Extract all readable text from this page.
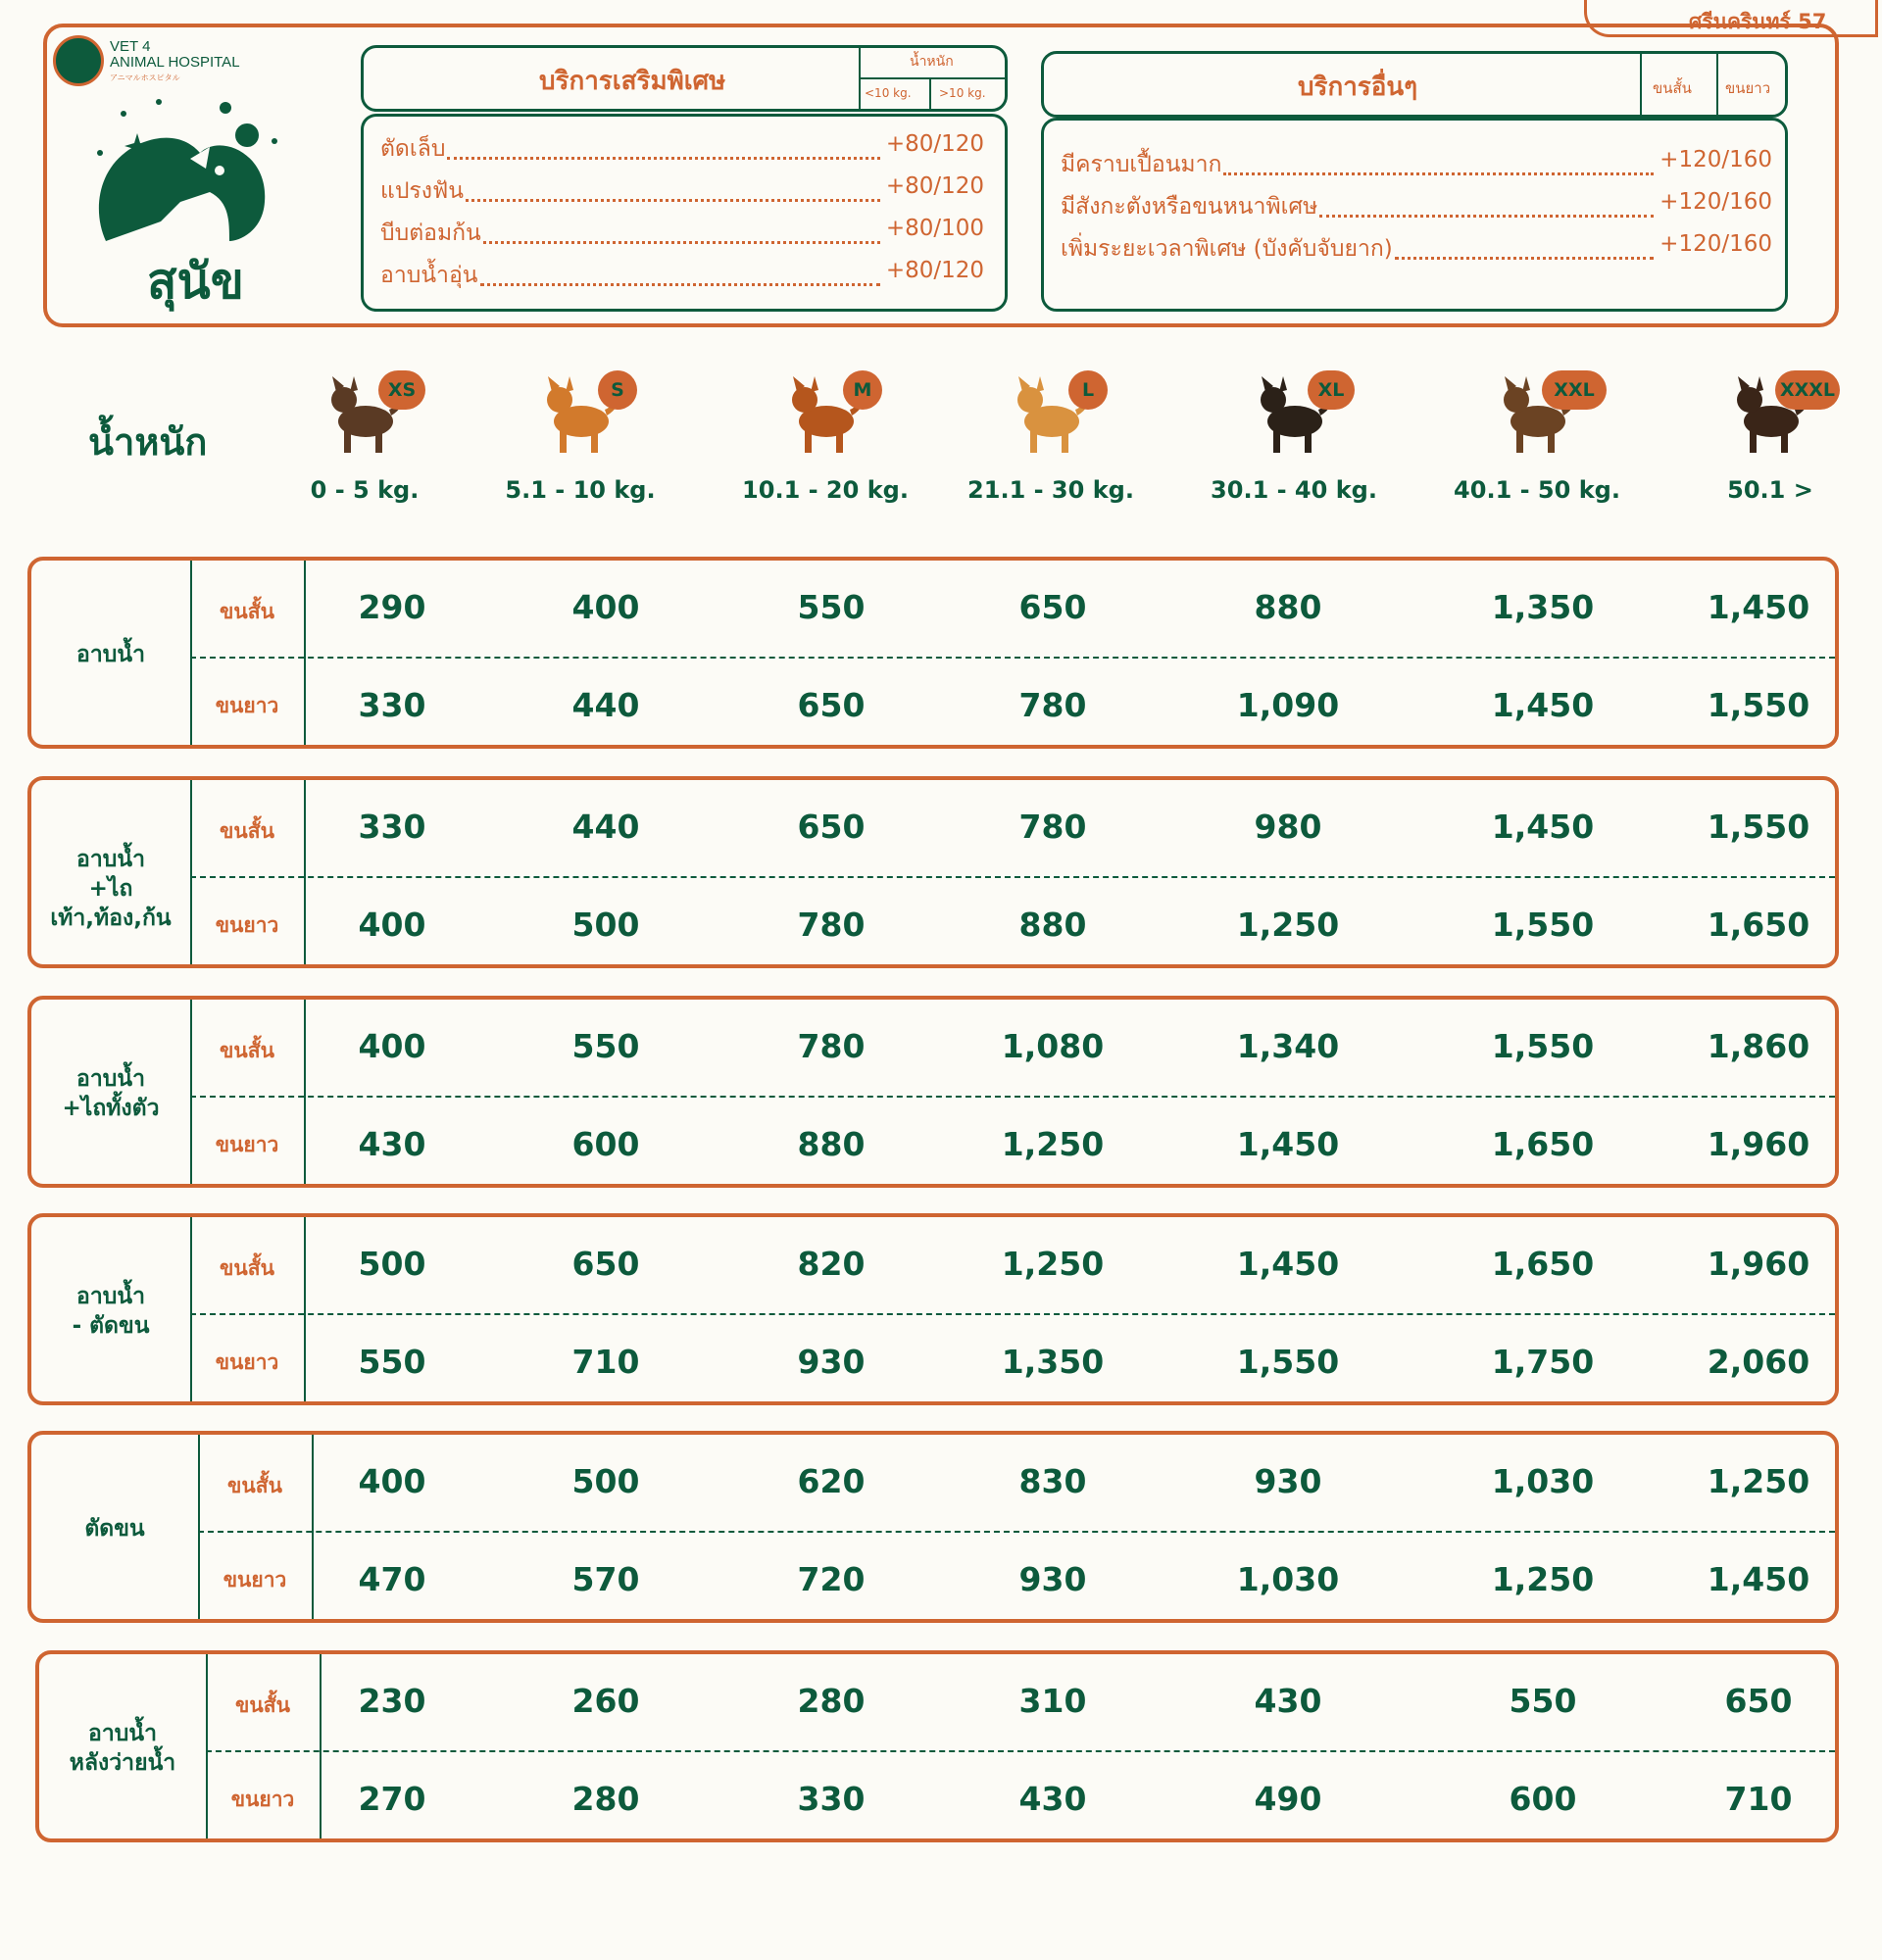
ศรีนครินทร์ 57
VET 4
ANIMAL HOSPITAL
アニマルホスピタル
สุนัข
บริการเสริมพิเศษ
น้ำหนัก
<10 kg. >10 kg.
ตัดเล็บ	+80/120
แปรงฟัน	+80/120
บีบต่อมก้น	+80/100
อาบน้ำอุ่น	+80/120
บริการอื่นๆ	ขนสั้น ขนยาว
มีคราบเปื้อนมาก	+120/160
มีสังกะตังหรือขนหนาพิเศษ	+120/160
เพิ่มระยะเวลาพิเศษ (บังคับจับยาก)	+120/160
น้ำหนัก
XS
0 - 5 kg.
S
5.1 - 10 kg.
M
10.1 - 20 kg.
L
21.1 - 30 kg.
XL
30.1 - 40 kg.
XXL
40.1 - 50 kg.
XXXL
50.1 >
อาบน้ำ
ขนสั้น	290	400	550	650	880	1,350	1,450
ขนยาว	330	440	650	780	1,090	1,450	1,550
อาบน้ำ
+ไถเท้า,ท้อง,ก้น
ขนสั้น	330	440	650	780	980	1,450	1,550
ขนยาว	400	500	780	880	1,250	1,550	1,650
อาบน้ำ
+ไถทั้งตัว
ขนสั้น	400	550	780	1,080	1,340	1,550	1,860
ขนยาว	430	600	880	1,250	1,450	1,650	1,960
อาบน้ำ
- ตัดขน
ขนสั้น	500	650	820	1,250	1,450	1,650	1,960
ขนยาว	550	710	930	1,350	1,550	1,750	2,060
ตัดขน
ขนสั้น	400	500	620	830	930	1,030	1,250
ขนยาว	470	570	720	930	1,030	1,250	1,450
อาบน้ำ
หลังว่ายน้ำ
ขนสั้น	230	260	280	310	430	550	650
ขนยาว	270	280	330	430	490	600	710
